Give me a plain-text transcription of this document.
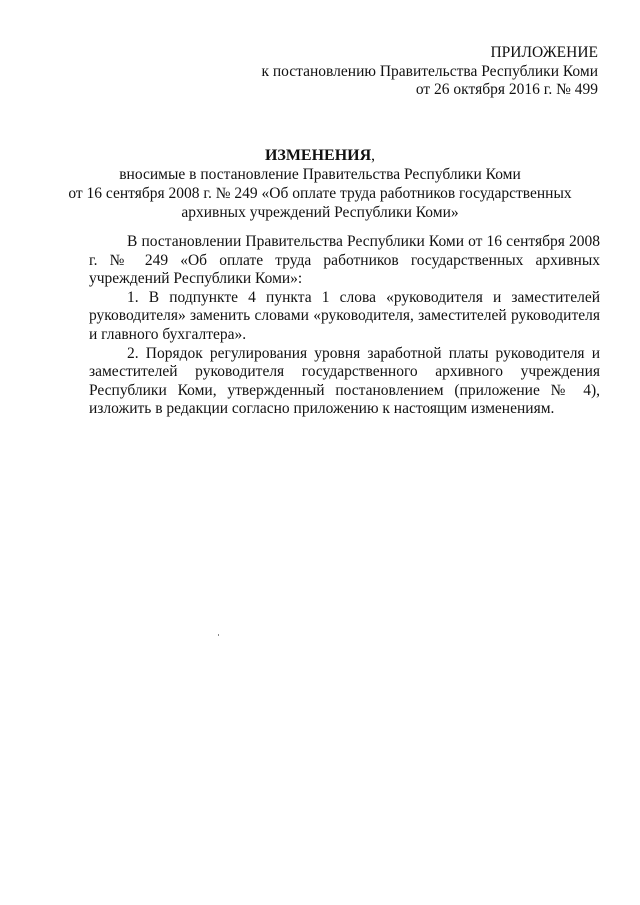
ПРИЛОЖЕНИЕ
к постановлению Правительства Республики Коми
от 26 октября 2016 г. № 499
ИЗМЕНЕНИЯ,
вносимые в постановление Правительства Республики Коми
от 16 сентября 2008 г. № 249 «Об оплате труда работников государственных
архивных учреждений Республики Коми»

В постановлении Правительства Республики Коми от 16 сентября 2008 г. № 249 «Об оплате труда работников государственных архивных учреждений Республики Коми»:

1. В подпункте 4 пункта 1 слова «руководителя и заместителей руководителя» заменить словами «руководителя, заместителей руководителя и главного бухгалтера».

2. Порядок регулирования уровня заработной платы руководителя и заместителей руководителя государственного архивного учреждения Республики Коми, утвержденный постановлением (приложение № 4), изложить в редакции согласно приложению к настоящим изменениям.
